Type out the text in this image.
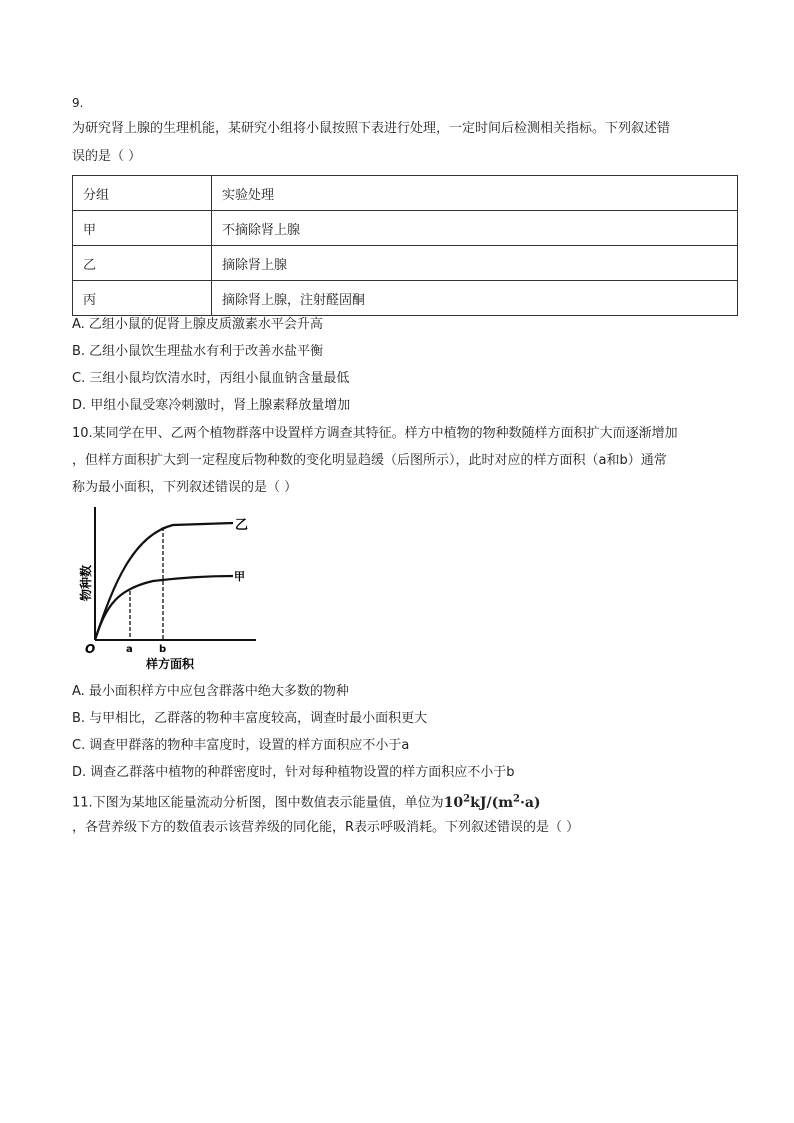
9.
为研究肾上腺的生理机能，某研究小组将小鼠按照下表进行处理，一定时间后检测相关指标。下列叙述错
误的是（ ）
分组	实验处理
甲	不摘除肾上腺
乙	摘除肾上腺
丙	摘除肾上腺，注射醛固酮
A. 乙组小鼠的促肾上腺皮质激素水平会升高
B. 乙组小鼠饮生理盐水有利于改善水盐平衡
C. 三组小鼠均饮清水时，丙组小鼠血钠含量最低
D. 甲组小鼠受寒冷刺激时，肾上腺素释放量增加
10.某同学在甲、乙两个植物群落中设置样方调查其特征。样方中植物的物种数随样方面积扩大而逐渐增加
，但样方面积扩大到一定程度后物种数的变化明显趋缓（后图所示），此时对应的样方面积（a和b）通常
称为最小面积，下列叙述错误的是（ ）
乙
甲
O	a	b
样方面积
物种数
A. 最小面积样方中应包含群落中绝大多数的物种
B. 与甲相比，乙群落的物种丰富度较高，调查时最小面积更大
C. 调查甲群落的物种丰富度时，设置的样方面积应不小于a
D. 调查乙群落中植物的种群密度时，针对每种植物设置的样方面积应不小于b
11.下图为某地区能量流动分析图，图中数值表示能量值，单位为$10^2kJ/(m^2\cdot a)$
，各营养级下方的数值表示该营养级的同化能，R表示呼吸消耗。下列叙述错误的是（ ）
